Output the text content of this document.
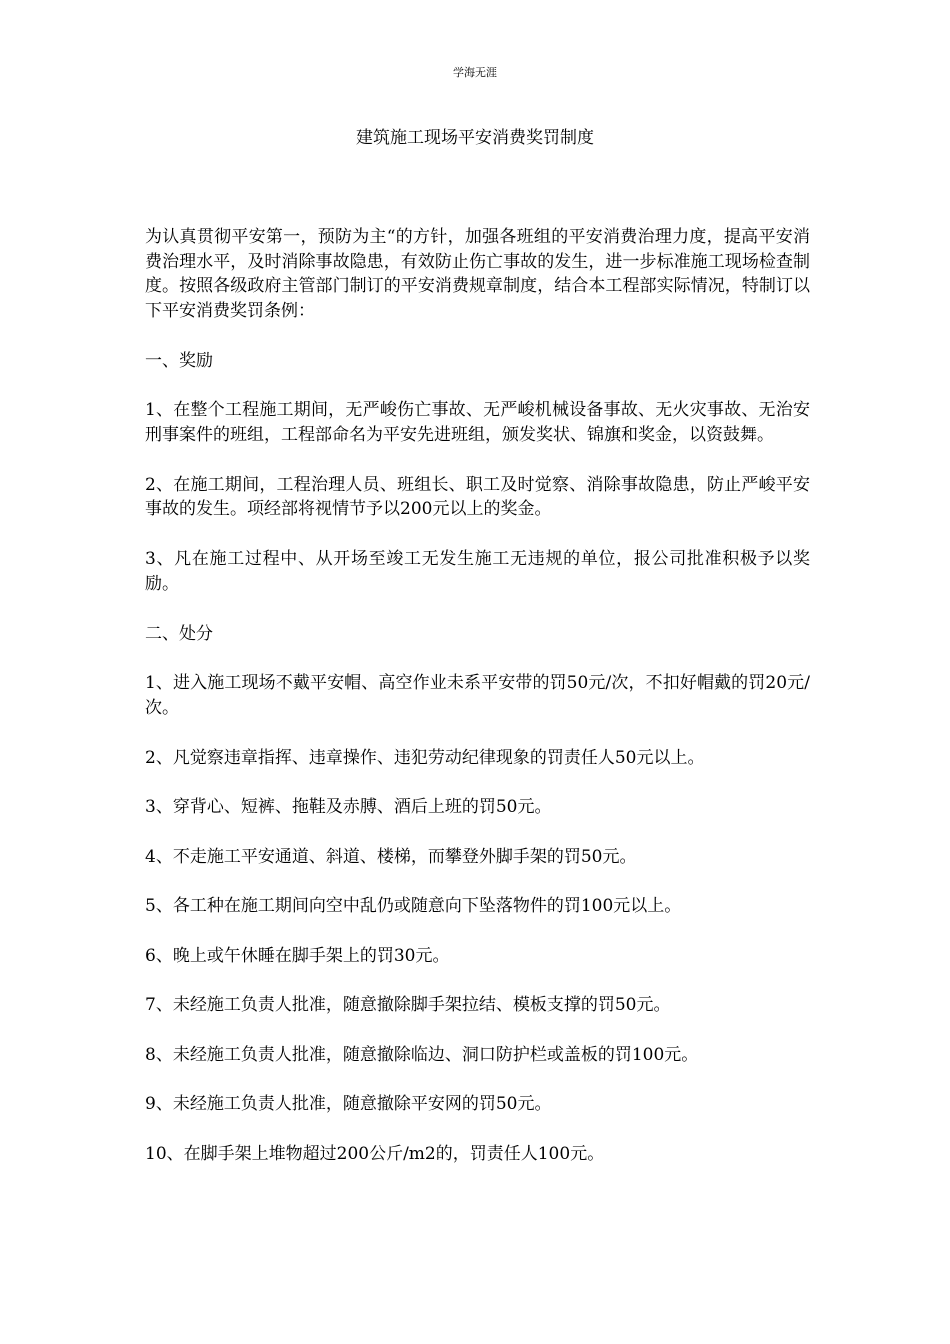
学海无涯
建筑施工现场平安消费奖罚制度

为认真贯彻平安第一，预防为主“的方针，加强各班组的平安消费治理力度，提高平安消费治理水平，及时消除事故隐患，有效防止伤亡事故的发生，进一步标准施工现场检查制度。按照各级政府主管部门制订的平安消费规章制度，结合本工程部实际情况，特制订以下平安消费奖罚条例：

一、奖励

1、在整个工程施工期间，无严峻伤亡事故、无严峻机械设备事故、无火灾事故、无治安刑事案件的班组，工程部命名为平安先进班组，颁发奖状、锦旗和奖金，以资鼓舞。

2、在施工期间，工程治理人员、班组长、职工及时觉察、消除事故隐患，防止严峻平安事故的发生。项经部将视情节予以200元以上的奖金。

3、凡在施工过程中、从开场至竣工无发生施工无违规的单位，报公司批准积极予以奖励。

二、处分

1、进入施工现场不戴平安帽、高空作业未系平安带的罚50元/次，不扣好帽戴的罚20元/次。

2、凡觉察违章指挥、违章操作、违犯劳动纪律现象的罚责任人50元以上。

3、穿背心、短裤、拖鞋及赤膊、酒后上班的罚50元。

4、不走施工平安通道、斜道、楼梯，而攀登外脚手架的罚50元。

5、各工种在施工期间向空中乱仍或随意向下坠落物件的罚100元以上。

6、晚上或午休睡在脚手架上的罚30元。

7、未经施工负责人批准，随意撤除脚手架拉结、模板支撑的罚50元。

8、未经施工负责人批准，随意撤除临边、洞口防护栏或盖板的罚100元。

9、未经施工负责人批准，随意撤除平安网的罚50元。

10、在脚手架上堆物超过200公斤/m2的，罚责任人100元。
